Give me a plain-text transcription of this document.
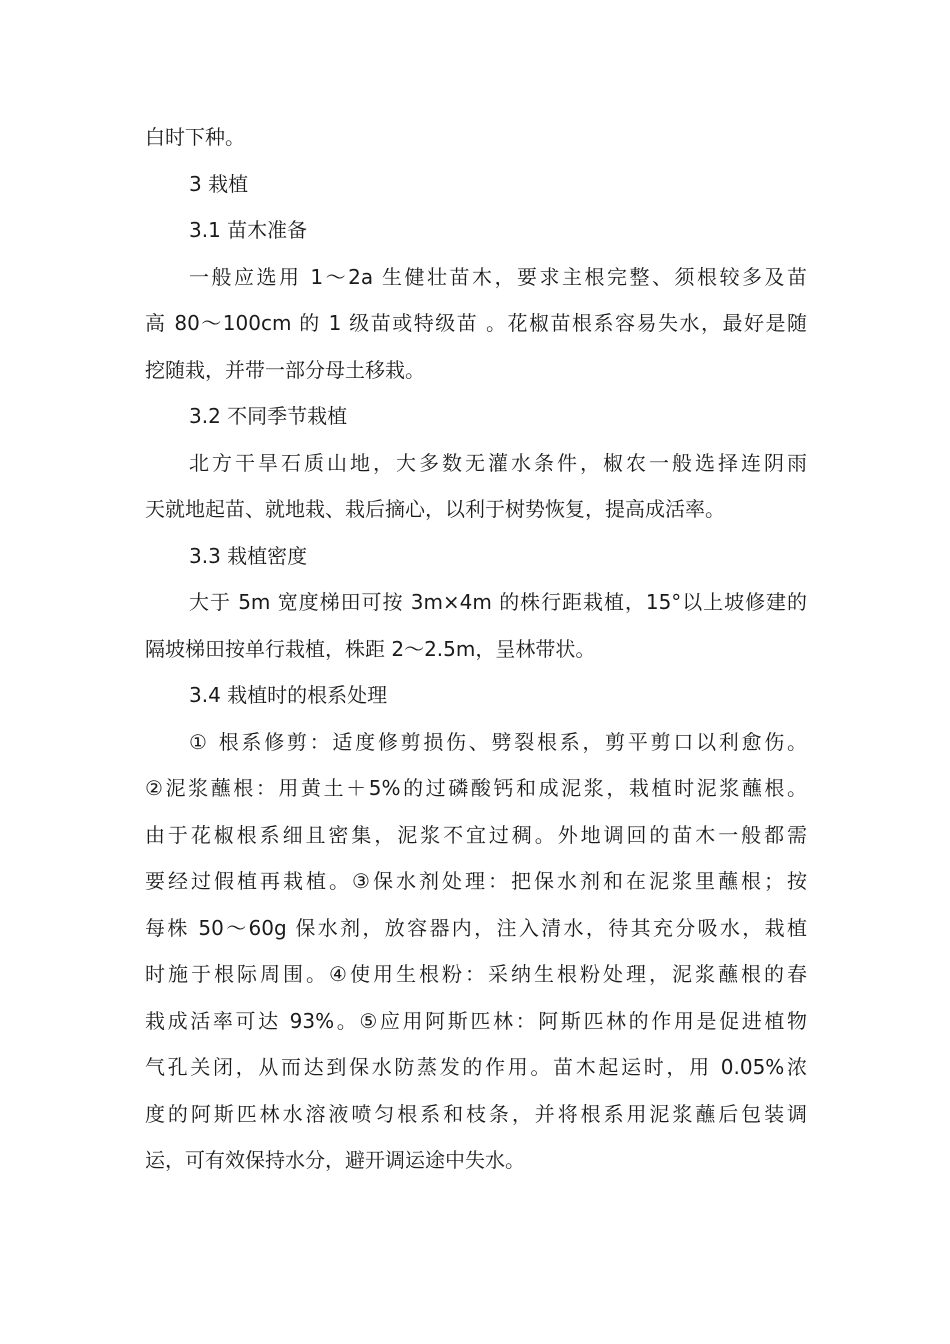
白时下种。
3 栽植
3.1 苗木准备
一般应选用 1～2a 生健壮苗木，要求主根完整、须根较多及苗
高 80～100cm 的 1 级苗或特级苗 。花椒苗根系容易失水，最好是随
挖随栽，并带一部分母土移栽。
3.2 不同季节栽植
北方干旱石质山地，大多数无灌水条件，椒农一般选择连阴雨
天就地起苗、就地栽、栽后摘心，以利于树势恢复，提高成活率。
3.3 栽植密度
大于 5m 宽度梯田可按 3m×4m 的株行距栽植，15°以上坡修建的
隔坡梯田按单行栽植，株距 2～2.5m，呈林带状。
3.4 栽植时的根系处理
① 根系修剪：适度修剪损伤、劈裂根系，剪平剪口以利愈伤。
②泥浆蘸根：用黄土＋5%的过磷酸钙和成泥浆，栽植时泥浆蘸根。
由于花椒根系细且密集，泥浆不宜过稠。外地调回的苗木一般都需
要经过假植再栽植。③保水剂处理：把保水剂和在泥浆里蘸根；按
每株 50～60g 保水剂，放容器内，注入清水，待其充分吸水，栽植
时施于根际周围。④使用生根粉：采纳生根粉处理，泥浆蘸根的春
栽成活率可达 93%。⑤应用阿斯匹林：阿斯匹林的作用是促进植物
气孔关闭，从而达到保水防蒸发的作用。苗木起运时，用 0.05%浓
度的阿斯匹林水溶液喷匀根系和枝条，并将根系用泥浆蘸后包装调
运，可有效保持水分，避开调运途中失水。
